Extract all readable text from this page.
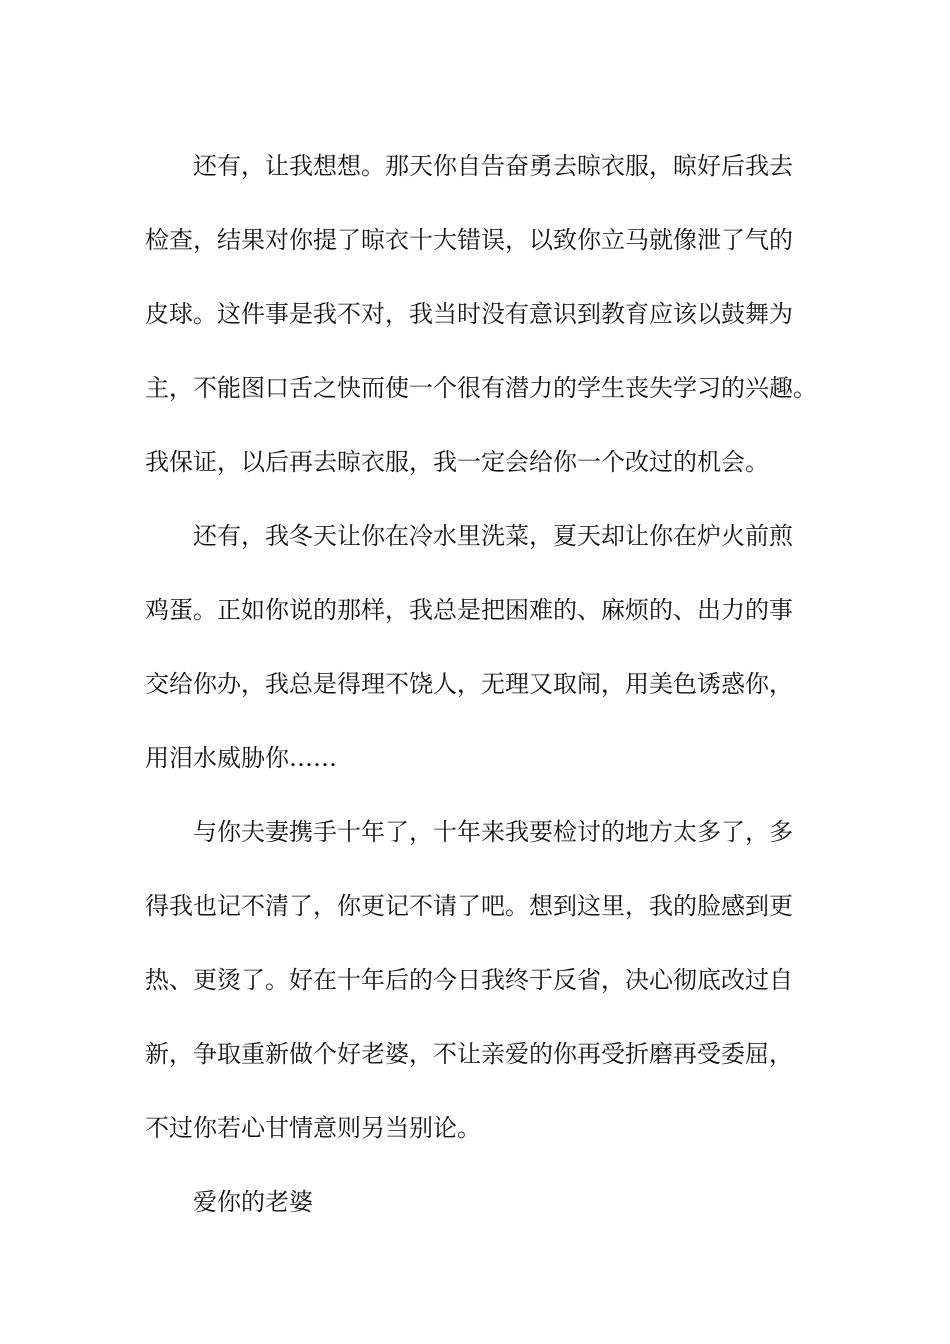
还有，让我想想。那天你自告奋勇去晾衣服，晾好后我去
检查，结果对你提了晾衣十大错误，以致你立马就像泄了气的
皮球。这件事是我不对，我当时没有意识到教育应该以鼓舞为
主，不能图口舌之快而使一个很有潜力的学生丧失学习的兴趣。
我保证，以后再去晾衣服，我一定会给你一个改过的机会。
还有，我冬天让你在冷水里洗菜，夏天却让你在炉火前煎
鸡蛋。正如你说的那样，我总是把困难的、麻烦的、出力的事
交给你办，我总是得理不饶人，无理又取闹，用美色诱惑你，
用泪水威胁你……
与你夫妻携手十年了，十年来我要检讨的地方太多了，多
得我也记不清了，你更记不请了吧。想到这里，我的脸感到更
热、更烫了。好在十年后的今日我终于反省，决心彻底改过自
新，争取重新做个好老婆，不让亲爱的你再受折磨再受委屈，
不过你若心甘情意则另当别论。
爱你的老婆
